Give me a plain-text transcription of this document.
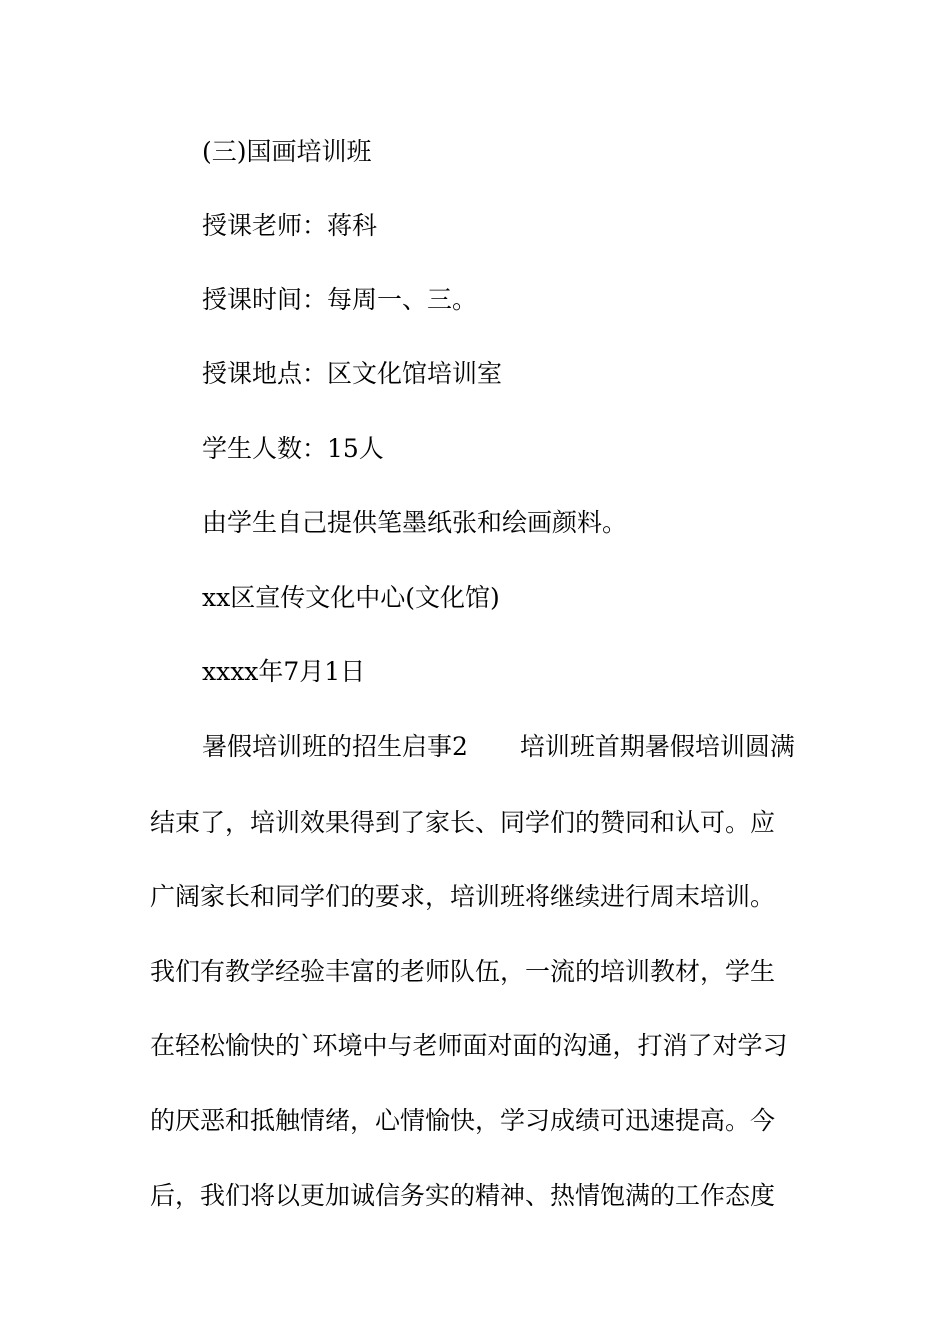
(三)国画培训班
授课老师：蒋科
授课时间：每周一、三。
授课地点：区文化馆培训室
学生人数：15人
由学生自己提供笔墨纸张和绘画颜料。
xx区宣传文化中心(文化馆)
xxxx年7月1日
暑假培训班的招生启事2 培训班首期暑假培训圆满
结束了，培训效果得到了家长、同学们的赞同和认可。应
广阔家长和同学们的要求，培训班将继续进行周末培训。
我们有教学经验丰富的老师队伍，一流的培训教材，学生
在轻松愉快的`环境中与老师面对面的沟通，打消了对学习
的厌恶和抵触情绪，心情愉快，学习成绩可迅速提高。今
后，我们将以更加诚信务实的精神、热情饱满的工作态度
